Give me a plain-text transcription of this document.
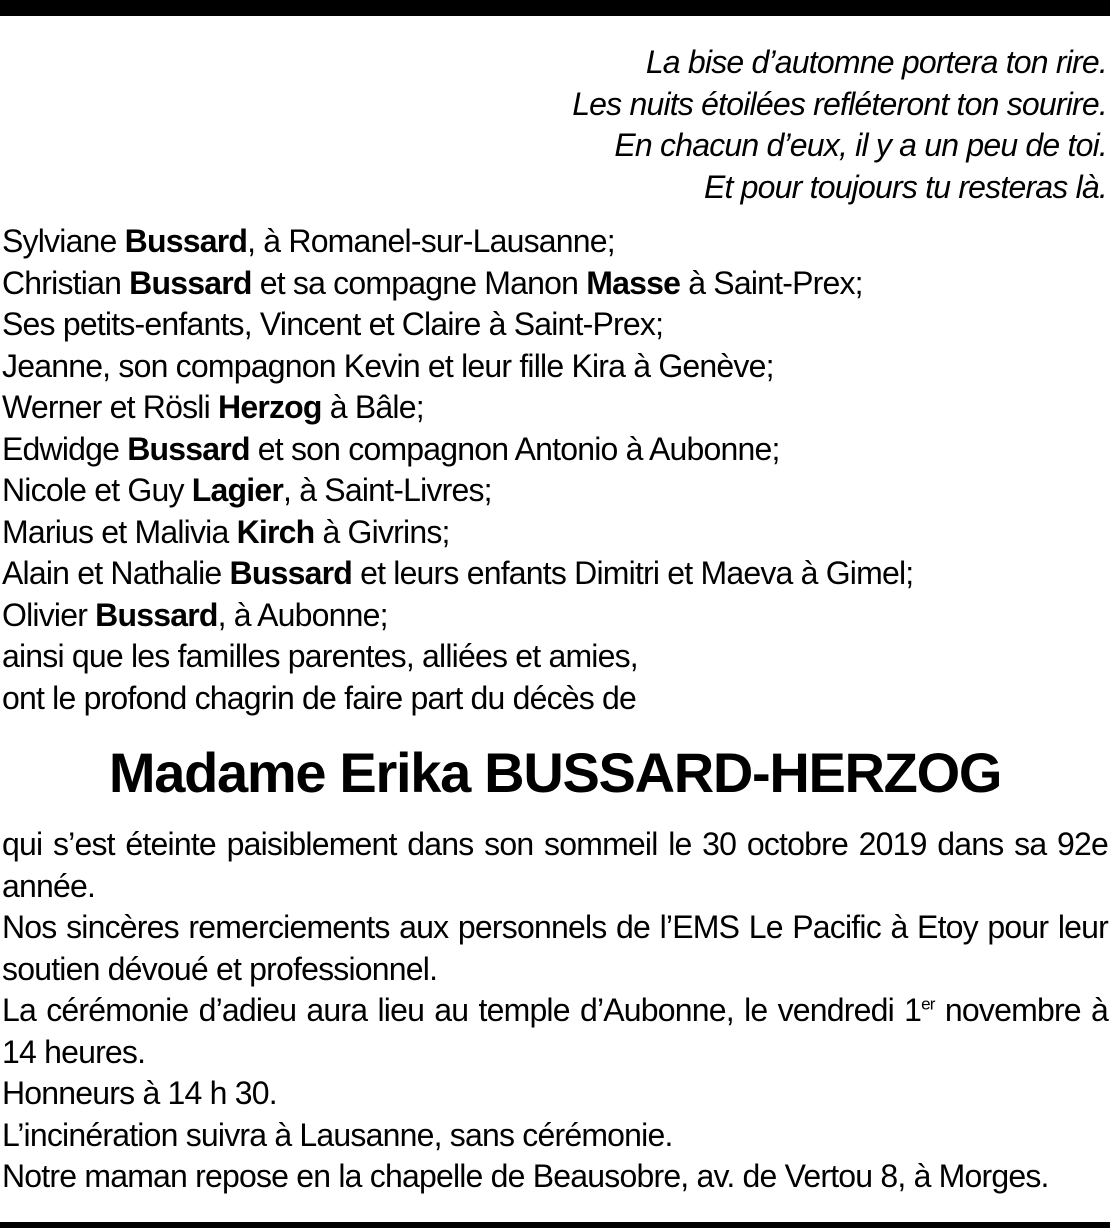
La bise d’automne portera ton rire.
Les nuits étoilées refléteront ton sourire.
En chacun d’eux, il y a un peu de toi.
Et pour toujours tu resteras là.
Sylviane Bussard, à Romanel-sur-Lausanne;
Christian Bussard et sa compagne Manon Masse à Saint-Prex;
Ses petits-enfants, Vincent et Claire à Saint-Prex;
Jeanne, son compagnon Kevin et leur fille Kira à Genève;
Werner et Rösli Herzog à Bâle;
Edwidge Bussard et son compagnon Antonio à Aubonne;
Nicole et Guy Lagier, à Saint-Livres;
Marius et Malivia Kirch à Givrins;
Alain et Nathalie Bussard et leurs enfants Dimitri et Maeva à Gimel;
Olivier Bussard, à Aubonne;
ainsi que les familles parentes, alliées et amies,
ont le profond chagrin de faire part du décès de
Madame Erika BUSSARD-HERZOG
qui s’est éteinte paisiblement dans son sommeil le 30 octobre 2019 dans sa 92e année.
Nos sincères remerciements aux personnels de l’EMS Le Pacific à Etoy pour leur soutien dévoué et professionnel.
La cérémonie d’adieu aura lieu au temple d’Aubonne, le vendredi 1er novembre à 14 heures.
Honneurs à 14 h 30.
L’incinération suivra à Lausanne, sans cérémonie.
Notre maman repose en la chapelle de Beausobre, av. de Vertou 8, à Morges.
